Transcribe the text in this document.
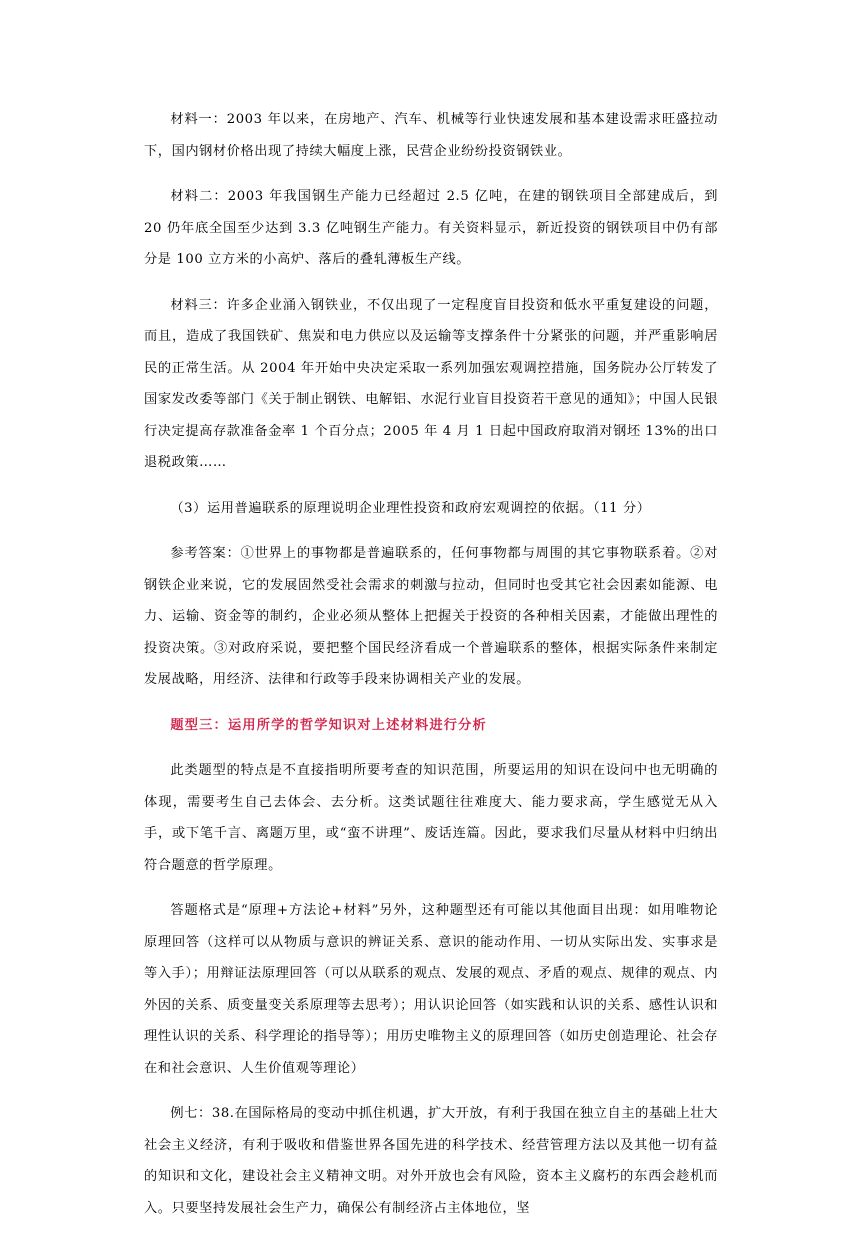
材料一：2003 年以来，在房地产、汽车、机械等行业快速发展和基本建设需求旺盛拉动下，国内钢材价格出现了持续大幅度上涨，民营企业纷纷投资钢铁业。

材料二：2003 年我国钢生产能力已经超过 2.5 亿吨，在建的钢铁项目全部建成后，到 20 仍年底全国至少达到 3.3 亿吨钢生产能力。有关资料显示，新近投资的钢铁项目中仍有部分是 100 立方米的小高炉、落后的叠轧薄板生产线。

材料三：许多企业涌入钢铁业，不仅出现了一定程度盲目投资和低水平重复建设的问题，而且，造成了我国铁矿、焦炭和电力供应以及运输等支撑条件十分紧张的问题，并严重影响居民的正常生活。从 2004 年开始中央决定采取一系列加强宏观调控措施，国务院办公厅转发了国家发改委等部门《关于制止钢铁、电解铝、水泥行业盲目投资若干意见的通知》；中国人民银行决定提高存款准备金率 1 个百分点；2005 年 4 月 1 日起中国政府取消对钢坯 13%的出口退税政策……

（3）运用普遍联系的原理说明企业理性投资和政府宏观调控的依据。（11 分）

参考答案：①世界上的事物都是普遍联系的，任何事物都与周围的其它事物联系着。②对钢铁企业来说，它的发展固然受社会需求的刺激与拉动，但同时也受其它社会因素如能源、电力、运输、资金等的制约，企业必须从整体上把握关于投资的各种相关因素，才能做出理性的投资决策。③对政府采说，要把整个国民经济看成一个普遍联系的整体，根据实际条件来制定发展战略，用经济、法律和行政等手段来协调相关产业的发展。

题型三：运用所学的哲学知识对上述材料进行分析

此类题型的特点是不直接指明所要考查的知识范围，所要运用的知识在设问中也无明确的体现，需要考生自己去体会、去分析。这类试题往往难度大、能力要求高，学生感觉无从入手，或下笔千言、离题万里，或“蛮不讲理”、废话连篇。因此，要求我们尽量从材料中归纳出符合题意的哲学原理。

答题格式是“原理+方法论+材料”另外，这种题型还有可能以其他面目出现：如用唯物论原理回答（这样可以从物质与意识的辨证关系、意识的能动作用、一切从实际出发、实事求是等入手）；用辩证法原理回答（可以从联系的观点、发展的观点、矛盾的观点、规律的观点、内外因的关系、质变量变关系原理等去思考）；用认识论回答（如实践和认识的关系、感性认识和理性认识的关系、科学理论的指导等）；用历史唯物主义的原理回答（如历史创造理论、社会存在和社会意识、人生价值观等理论）

例七：38.在国际格局的变动中抓住机遇，扩大开放，有利于我国在独立自主的基础上壮大社会主义经济，有利于吸收和借鉴世界各国先进的科学技术、经营管理方法以及其他一切有益的知识和文化，建设社会主义精神文明。对外开放也会有风险，资本主义腐朽的东西会趁机而入。只要坚持发展社会生产力，确保公有制经济占主体地位，坚
